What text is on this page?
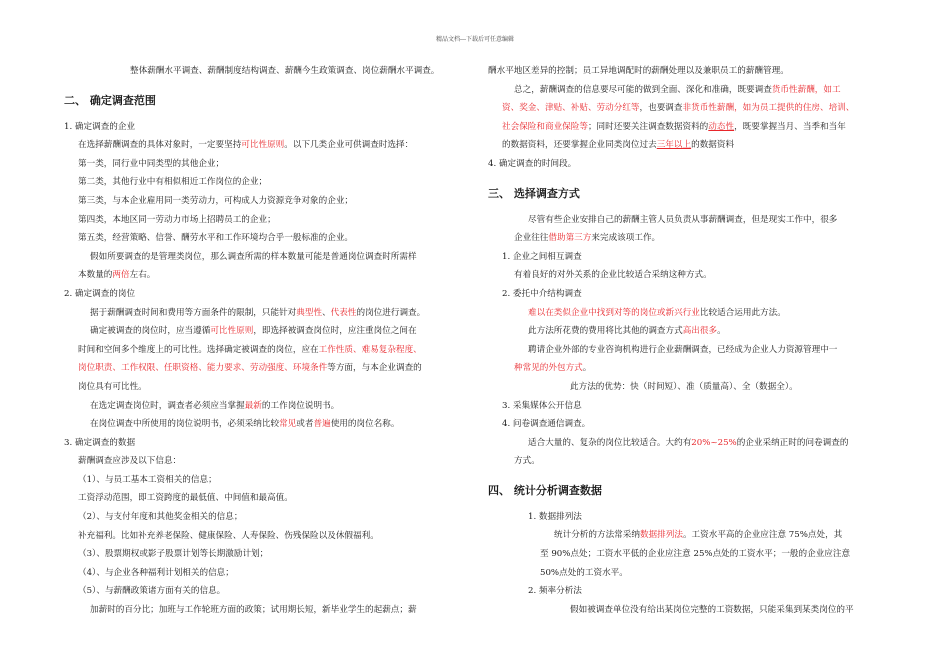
精品文档---下载后可任意编辑
整体薪酬水平调查、薪酬制度结构调查、薪酬今生政策调查、岗位薪酬水平调查。
二、 确定调查范围
1. 确定调查的企业
在选择薪酬调查的具体对象时，一定要坚持可比性原则。以下几类企业可供调查时选择：
第一类，同行业中同类型的其他企业；
第二类，其他行业中有相似相近工作岗位的企业；
第三类，与本企业雇用同一类劳动力，可构成人力资源竞争对象的企业；
第四类，本地区同一劳动力市场上招聘员工的企业；
第五类，经营策略、信誉、酬劳水平和工作环境均合乎一般标准的企业。
假如所要调查的是管理类岗位，那么调查所需的样本数量可能是普通岗位调查时所需样
本数量的两倍左右。
2. 确定调查的岗位
据于薪酬调查时间和费用等方面条件的限制，只能针对典型性、代表性的岗位进行调查。
确定被调查的岗位时，应当遵循可比性原则，即选择被调查岗位时，应注重岗位之间在
时间和空间多个维度上的可比性。选择确定被调查的岗位，应在工作性质、难易复杂程度、
岗位职责、工作权限、任职资格、能力要求、劳动强度、环境条件等方面，与本企业调查的
岗位具有可比性。
在选定调查岗位时，调查者必须应当掌握最新的工作岗位说明书。
在岗位调查中所使用的岗位说明书，必须采纳比较常见或者普遍使用的岗位名称。
3. 确定调查的数据
薪酬调查应涉及以下信息：
（1）、与员工基本工资相关的信息；
工资浮动范围，即工资跨度的最低值、中间值和最高值。
（2）、与支付年度和其他奖金相关的信息；
补充福利。比如补充养老保险、健康保险、人寿保险、伤残保险以及休假福利。
（3）、股票期权或影子股票计划等长期激励计划；
（4）、与企业各种福利计划相关的信息；
（5）、与薪酬政策诸方面有关的信息。
加薪时的百分比；加班与工作轮班方面的政策；试用期长短，新毕业学生的起薪点；薪
酬水平地区差异的控制；员工异地调配时的薪酬处理以及兼职员工的薪酬管理。
总之，薪酬调查的信息要尽可能的做到全面、深化和准确，既要调查货币性薪酬，如工
资、奖金、津贴、补贴、劳动分红等，也要调查非货币性薪酬，如为员工提供的住房、培训、
社会保险和商业保险等；同时还要关注调查数据资料的动态性，既要掌握当月、当季和当年
的数据资料，还要掌握企业同类岗位过去三年以上的数据资料
4. 确定调查的时间段。
三、 选择调查方式
尽管有些企业安排自己的薪酬主管人员负责从事薪酬调查，但是现实工作中，很多
企业往往借助第三方来完成该项工作。
1. 企业之间相互调查
有着良好的对外关系的企业比较适合采纳这种方式。
2. 委托中介结构调查
难以在类似企业中找到对等的岗位或新兴行业比较适合运用此方法。
此方法所花费的费用将比其他的调查方式高出很多。
聘请企业外部的专业咨询机构进行企业薪酬调查，已经成为企业人力资源管理中一
种常见的外包方式。
此方法的优势：快（时间短）、准（质量高）、全（数据全）。
3. 采集媒体公开信息
4. 问卷调查通信调查。
适合大量的、复杂的岗位比较适合。大约有20%~25%的企业采纳正时的问卷调查的
方式。
四、 统计分析调查数据
1. 数据排列法
统计分析的方法常采纳数据排列法。工资水平高的企业应注意 75%点处，其
至 90%点处；工资水平低的企业应注意 25%点处的工资水平；一般的企业应注意
50%点处的工资水平。
2. 频率分析法
假如被调查单位没有给出某岗位完整的工资数据，只能采集到某类岗位的平
